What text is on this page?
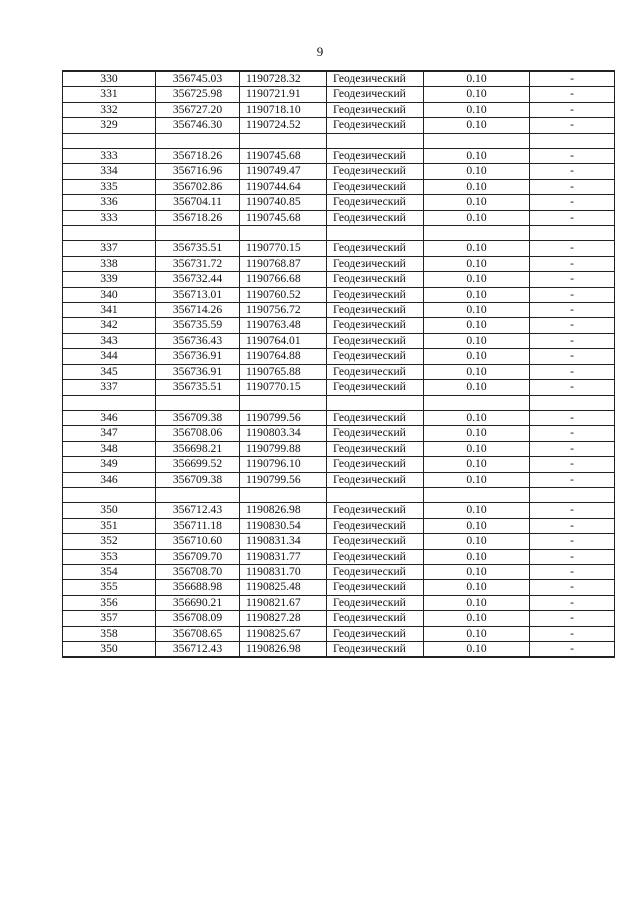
9
330	356745.03	1190728.32	Геодезический	0.10	-
331	356725.98	1190721.91	Геодезический	0.10	-
332	356727.20	1190718.10	Геодезический	0.10	-
329	356746.30	1190724.52	Геодезический	0.10	-

333	356718.26	1190745.68	Геодезический	0.10	-
334	356716.96	1190749.47	Геодезический	0.10	-
335	356702.86	1190744.64	Геодезический	0.10	-
336	356704.11	1190740.85	Геодезический	0.10	-
333	356718.26	1190745.68	Геодезический	0.10	-

337	356735.51	1190770.15	Геодезический	0.10	-
338	356731.72	1190768.87	Геодезический	0.10	-
339	356732.44	1190766.68	Геодезический	0.10	-
340	356713.01	1190760.52	Геодезический	0.10	-
341	356714.26	1190756.72	Геодезический	0.10	-
342	356735.59	1190763.48	Геодезический	0.10	-
343	356736.43	1190764.01	Геодезический	0.10	-
344	356736.91	1190764.88	Геодезический	0.10	-
345	356736.91	1190765.88	Геодезический	0.10	-
337	356735.51	1190770.15	Геодезический	0.10	-

346	356709.38	1190799.56	Геодезический	0.10	-
347	356708.06	1190803.34	Геодезический	0.10	-
348	356698.21	1190799.88	Геодезический	0.10	-
349	356699.52	1190796.10	Геодезический	0.10	-
346	356709.38	1190799.56	Геодезический	0.10	-

350	356712.43	1190826.98	Геодезический	0.10	-
351	356711.18	1190830.54	Геодезический	0.10	-
352	356710.60	1190831.34	Геодезический	0.10	-
353	356709.70	1190831.77	Геодезический	0.10	-
354	356708.70	1190831.70	Геодезический	0.10	-
355	356688.98	1190825.48	Геодезический	0.10	-
356	356690.21	1190821.67	Геодезический	0.10	-
357	356708.09	1190827.28	Геодезический	0.10	-
358	356708.65	1190825.67	Геодезический	0.10	-
350	356712.43	1190826.98	Геодезический	0.10	-
